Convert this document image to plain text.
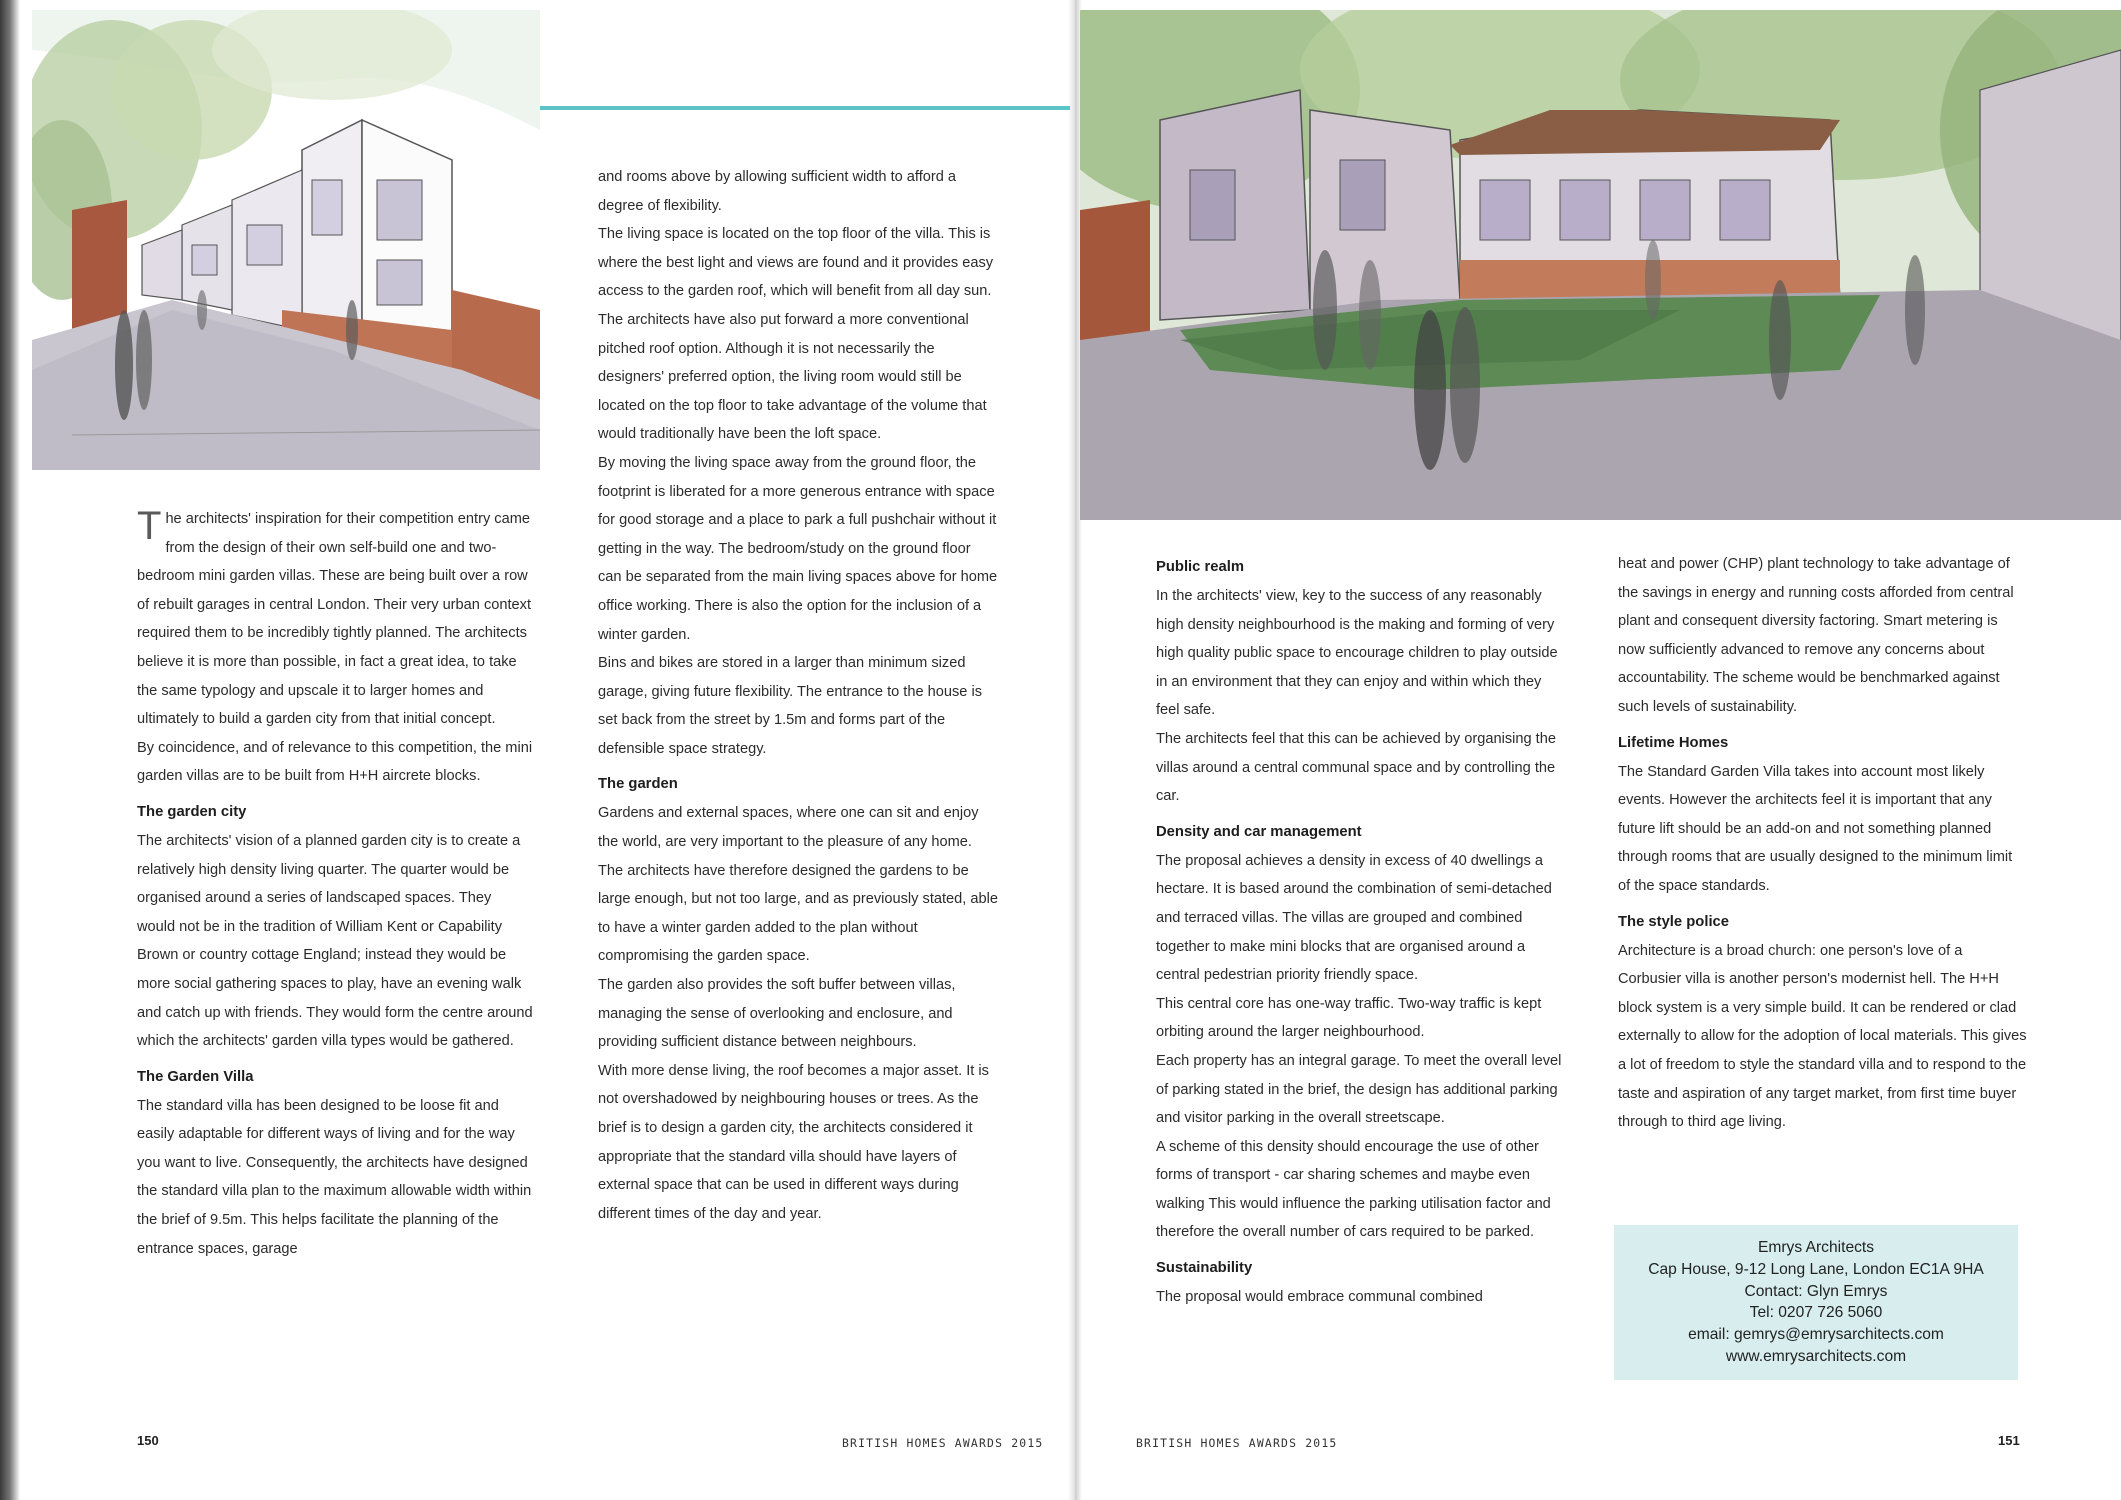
The architects' inspiration for their competition entry came from the design of their own self-build one and two-bedroom mini garden villas. These are being built over a row of rebuilt garages in central London. Their very urban context required them to be incredibly tightly planned. The architects believe it is more than possible, in fact a great idea, to take the same typology and upscale it to larger homes and ultimately to build a garden city from that initial concept.

By coincidence, and of relevance to this competition, the mini garden villas are to be built from H+H aircrete blocks.

The garden city

The architects' vision of a planned garden city is to create a relatively high density living quarter. The quarter would be organised around a series of landscaped spaces. They would not be in the tradition of William Kent or Capability Brown or country cottage England; instead they would be more social gathering spaces to play, have an evening walk and catch up with friends. They would form the centre around which the architects' garden villa types would be gathered.

The Garden Villa

The standard villa has been designed to be loose fit and easily adaptable for different ways of living and for the way you want to live. Consequently, the architects have designed the standard villa plan to the maximum allowable width within the brief of 9.5m. This helps facilitate the planning of the entrance spaces, garage

and rooms above by allowing sufficient width to afford a degree of flexibility.

The living space is located on the top floor of the villa. This is where the best light and views are found and it provides easy access to the garden roof, which will benefit from all day sun.

The architects have also put forward a more conventional pitched roof option. Although it is not necessarily the designers' preferred option, the living room would still be located on the top floor to take advantage of the volume that would traditionally have been the loft space.

By moving the living space away from the ground floor, the footprint is liberated for a more generous entrance with space for good storage and a place to park a full pushchair without it getting in the way. The bedroom/study on the ground floor can be separated from the main living spaces above for home office working. There is also the option for the inclusion of a winter garden.

Bins and bikes are stored in a larger than minimum sized garage, giving future flexibility. The entrance to the house is set back from the street by 1.5m and forms part of the defensible space strategy.

The garden

Gardens and external spaces, where one can sit and enjoy the world, are very important to the pleasure of any home. The architects have therefore designed the gardens to be large enough, but not too large, and as previously stated, able to have a winter garden added to the plan without compromising the garden space.

The garden also provides the soft buffer between villas, managing the sense of overlooking and enclosure, and providing sufficient distance between neighbours.

With more dense living, the roof becomes a major asset. It is not overshadowed by neighbouring houses or trees. As the brief is to design a garden city, the architects considered it appropriate that the standard villa should have layers of external space that can be used in different ways during different times of the day and year.

Public realm

In the architects' view, key to the success of any reasonably high density neighbourhood is the making and forming of very high quality public space to encourage children to play outside in an environment that they can enjoy and within which they feel safe.

The architects feel that this can be achieved by organising the villas around a central communal space and by controlling the car.

Density and car management

The proposal achieves a density in excess of 40 dwellings a hectare. It is based around the combination of semi-detached and terraced villas. The villas are grouped and combined together to make mini blocks that are organised around a central pedestrian priority friendly space.

This central core has one-way traffic. Two-way traffic is kept orbiting around the larger neighbourhood.

Each property has an integral garage. To meet the overall level of parking stated in the brief, the design has additional parking and visitor parking in the overall streetscape.

A scheme of this density should encourage the use of other forms of transport - car sharing schemes and maybe even walking This would influence the parking utilisation factor and therefore the overall number of cars required to be parked.

Sustainability

The proposal would embrace communal combined

heat and power (CHP) plant technology to take advantage of the savings in energy and running costs afforded from central plant and consequent diversity factoring. Smart metering is now sufficiently advanced to remove any concerns about accountability. The scheme would be benchmarked against such levels of sustainability.

Lifetime Homes

The Standard Garden Villa takes into account most likely events. However the architects feel it is important that any future lift should be an add-on and not something planned through rooms that are usually designed to the minimum limit of the space standards.

The style police

Architecture is a broad church: one person's love of a Corbusier villa is another person's modernist hell. The H+H block system is a very simple build. It can be rendered or clad externally to allow for the adoption of local materials. This gives a lot of freedom to style the standard villa and to respond to the taste and aspiration of any target market, from first time buyer through to third age living.

Emrys Architects
Cap House, 9-12 Long Lane, London EC1A 9HA
Contact: Glyn Emrys
Tel: 0207 726 5060
email: gemrys@emrysarchitects.com
www.emrysarchitects.com
150	BRITISH HOMES AWARDS 2015	BRITISH HOMES AWARDS 2015	151
